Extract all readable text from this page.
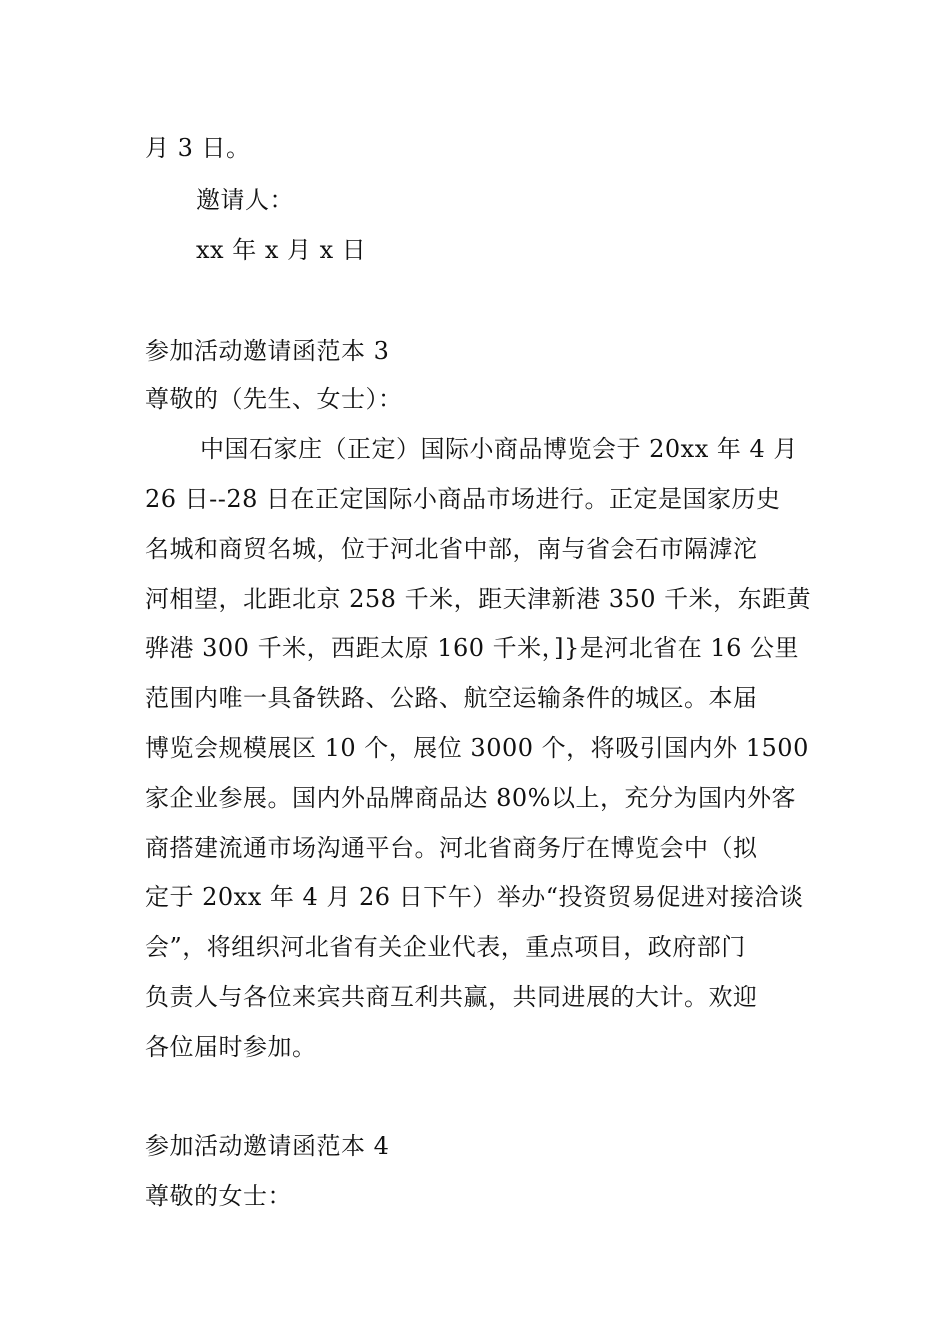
月 3 日。
邀请人：
xx 年 x 月 x 日
参加活动邀请函范本 3
尊敬的（先生、女士）：
中国石家庄（正定）国际小商品博览会于 20xx 年 4 月
26 日--28 日在正定国际小商品市场进行。正定是国家历史
名城和商贸名城，位于河北省中部，南与省会石市隔滹沱
河相望，北距北京 258 千米，距天津新港 350 千米，东距黄
骅港 300 千米，西距太原 160 千米，]}是河北省在 16 公里
范围内唯一具备铁路、公路、航空运输条件的城区。本届
博览会规模展区 10 个，展位 3000 个，将吸引国内外 1500
家企业参展。国内外品牌商品达 80%以上，充分为国内外客
商搭建流通市场沟通平台。河北省商务厅在博览会中（拟
定于 20xx 年 4 月 26 日下午）举办“投资贸易促进对接洽谈
会”，将组织河北省有关企业代表，重点项目，政府部门
负责人与各位来宾共商互利共赢，共同进展的大计。欢迎
各位届时参加。
参加活动邀请函范本 4
尊敬的女士：
